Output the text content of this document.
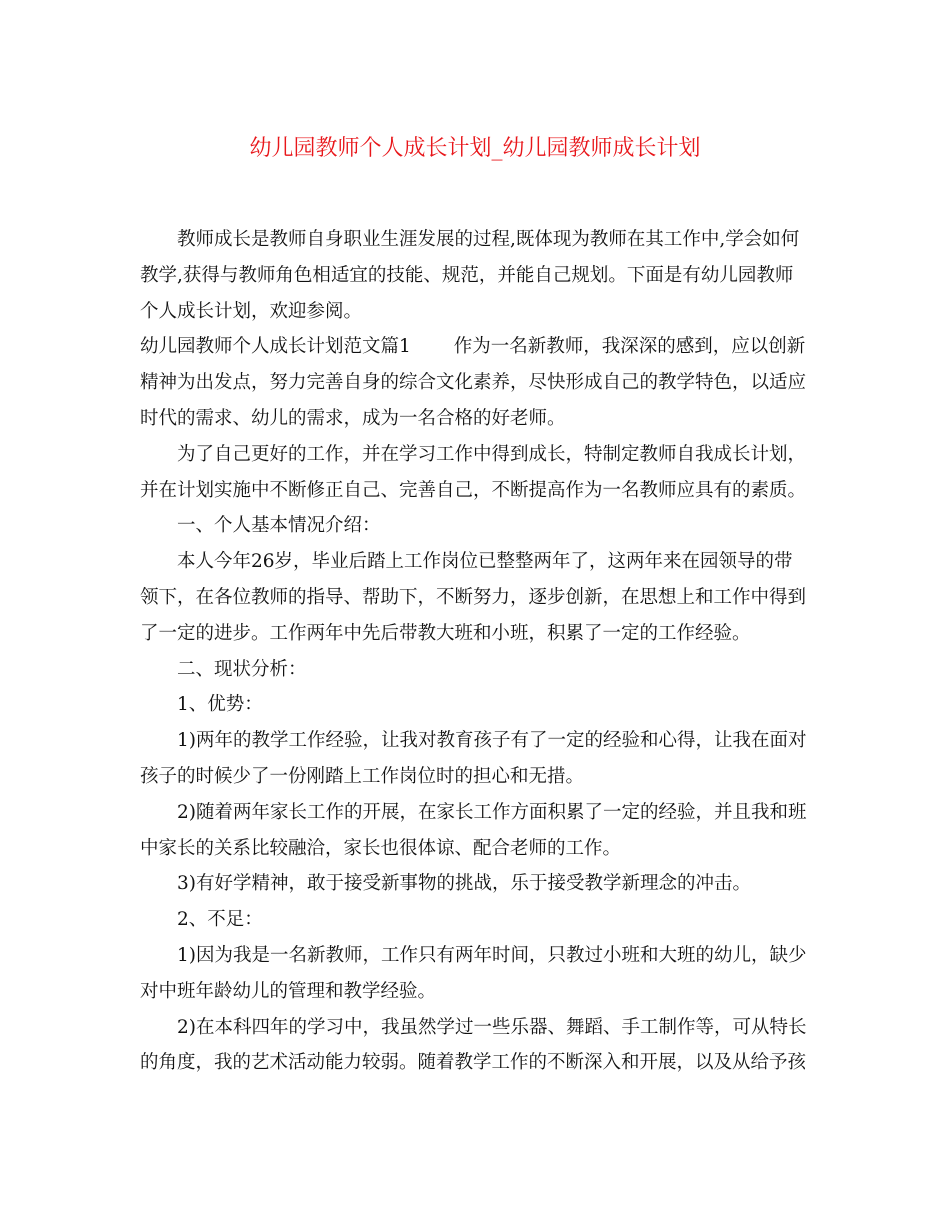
幼儿园教师个人成长计划_幼儿园教师成长计划

教师成长是教师自身职业生涯发展的过程,既体现为教师在其工作中,学会如何

教学,获得与教师角色相适宜的技能、规范，并能自己规划。下面是有幼儿园教师

个人成长计划，欢迎参阅。

幼儿园教师个人成长计划范文篇1 作为一名新教师，我深深的感到，应以创新

精神为出发点，努力完善自身的综合文化素养，尽快形成自己的教学特色，以适应

时代的需求、幼儿的需求，成为一名合格的好老师。

为了自己更好的工作，并在学习工作中得到成长，特制定教师自我成长计划，

并在计划实施中不断修正自己、完善自己，不断提高作为一名教师应具有的素质。

一、个人基本情况介绍：

本人今年26岁，毕业后踏上工作岗位已整整两年了，这两年来在园领导的带

领下，在各位教师的指导、帮助下，不断努力，逐步创新，在思想上和工作中得到

了一定的进步。工作两年中先后带教大班和小班，积累了一定的工作经验。

二、现状分析：

1、优势：

1)两年的教学工作经验，让我对教育孩子有了一定的经验和心得，让我在面对

孩子的时候少了一份刚踏上工作岗位时的担心和无措。

2)随着两年家长工作的开展，在家长工作方面积累了一定的经验，并且我和班

中家长的关系比较融洽，家长也很体谅、配合老师的工作。

3)有好学精神，敢于接受新事物的挑战，乐于接受教学新理念的冲击。

2、不足：

1)因为我是一名新教师，工作只有两年时间，只教过小班和大班的幼儿，缺少

对中班年龄幼儿的管理和教学经验。

2)在本科四年的学习中，我虽然学过一些乐器、舞蹈、手工制作等，可从特长

的角度，我的艺术活动能力较弱。随着教学工作的不断深入和开展，以及从给予孩
